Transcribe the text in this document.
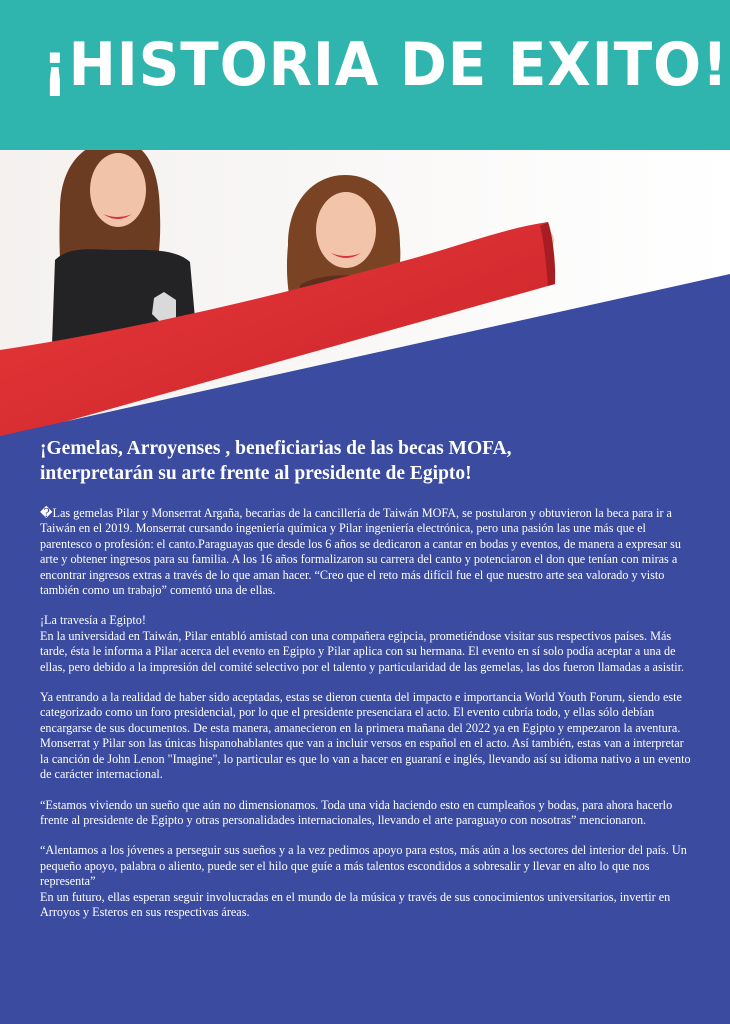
¡HISTORIA DE EXITO!
¡Gemelas, Arroyenses , beneficiarias de las becas MOFA,
interpretarán su arte frente al presidente de Egipto!

�Las gemelas Pilar y Monserrat Argaña, becarias de la cancillería de Taiwán MOFA, se postularon y obtuvieron la beca para ir a Taiwán en el 2019. Monserrat cursando ingeniería química y Pilar ingeniería electrónica, pero una pasión las une más que el parentesco o profesión: el canto.Paraguayas que desde los 6 años se dedicaron a cantar en bodas y eventos, de manera a expresar su arte y obtener ingresos para su familia. A los 16 años formalizaron su carrera del canto y potenciaron el don que tenían con miras a encontrar ingresos extras a través de lo que aman hacer. “Creo que el reto más difícil fue el que nuestro arte sea valorado y visto también como un trabajo” comentó una de ellas.

¡La travesía a Egipto!
En la universidad en Taiwán, Pilar entabló amistad con una compañera egipcia, prometiéndose visitar sus respectivos países. Más tarde, ésta le informa a Pilar acerca del evento en Egipto y Pilar aplica con su hermana. El evento en sí solo podía aceptar a una de ellas, pero debido a la impresión del comité selectivo por el talento y particularidad de las gemelas, las dos fueron llamadas a asistir.

Ya entrando a la realidad de haber sido aceptadas, estas se dieron cuenta del impacto e importancia World Youth Forum, siendo este categorizado como un foro presidencial, por lo que el presidente presenciara el acto. El evento cubría todo, y ellas sólo debían encargarse de sus documentos. De esta manera, amanecieron en la primera mañana del 2022 ya en Egipto y empezaron la aventura. Monserrat y Pilar son las únicas hispanohablantes que van a incluir versos en español en el acto. Así también, estas van a interpretar la canción de John Lenon "Imagine", lo particular es que lo van a hacer en guaraní e inglés, llevando así su idioma nativo a un evento de carácter internacional.

“Estamos viviendo un sueño que aún no dimensionamos. Toda una vida haciendo esto en cumpleaños y bodas, para ahora hacerlo frente al presidente de Egipto y otras personalidades internacionales, llevando el arte paraguayo con nosotras” mencionaron.

“Alentamos a los jóvenes a perseguir sus sueños y a la vez pedimos apoyo para estos, más aún a los sectores del interior del país. Un pequeño apoyo, palabra o aliento, puede ser el hilo que guíe a más talentos escondidos a sobresalir y llevar en alto lo que nos representa”
En un futuro, ellas esperan seguir involucradas en el mundo de la música y través de sus conocimientos universitarios, invertir en Arroyos y Esteros en sus respectivas áreas.
